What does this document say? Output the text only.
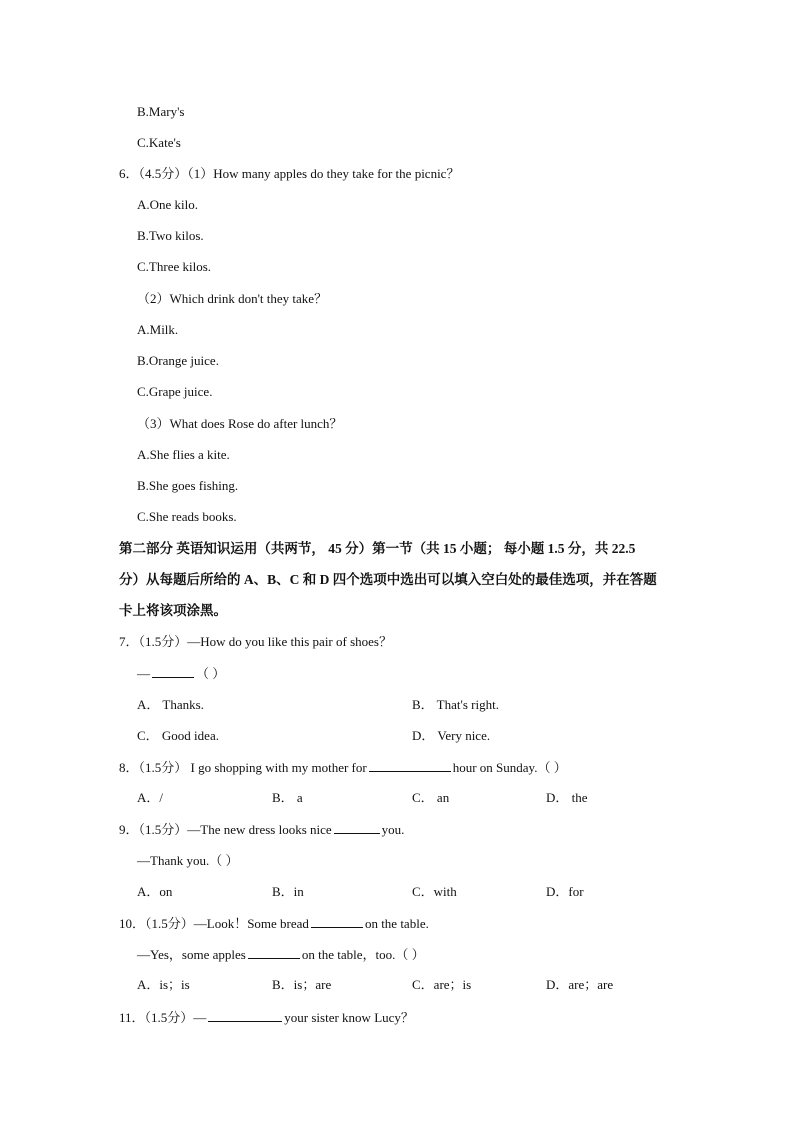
B.Mary's
C.Kate's
6．（4.5分）（1）How many apples do they take for the picnic？
A.One kilo.
B.Two kilos.
C.Three kilos.
（2）Which drink don't they take？
A.Milk.
B.Orange juice.
C.Grape juice.
（3）What does Rose do after lunch？
A.She flies a kite.
B.She goes fishing.
C.She reads books.
第二部分 英语知识运用（共两节， 45 分）第一节（共 15 小题； 每小题 1.5 分，共 22.5
分）从每题后所给的 A、B、C 和 D 四个选项中选出可以填入空白处的最佳选项，并在答题
卡上将该项涂黑。
7．（1.5分）—How do you like this pair of shoes？
—	（ ）
A． Thanks.	B． That's right.
C． Good idea.	D． Very nice.
8．（1.5分） I go shopping with my mother for	hour on Sunday.（ ）
A．/	B． a	C． an	D． the
9．（1.5分）—The new dress looks nice	you.
—Thank you.（ ）
A．on	B．in	C．with	D．for
10．（1.5分）—Look！Some bread	on the table.
—Yes，some apples	on the table，too.（ ）
A．is；is	B．is；are	C．are；is	D．are；are
11．（1.5分）—	your sister know Lucy？
